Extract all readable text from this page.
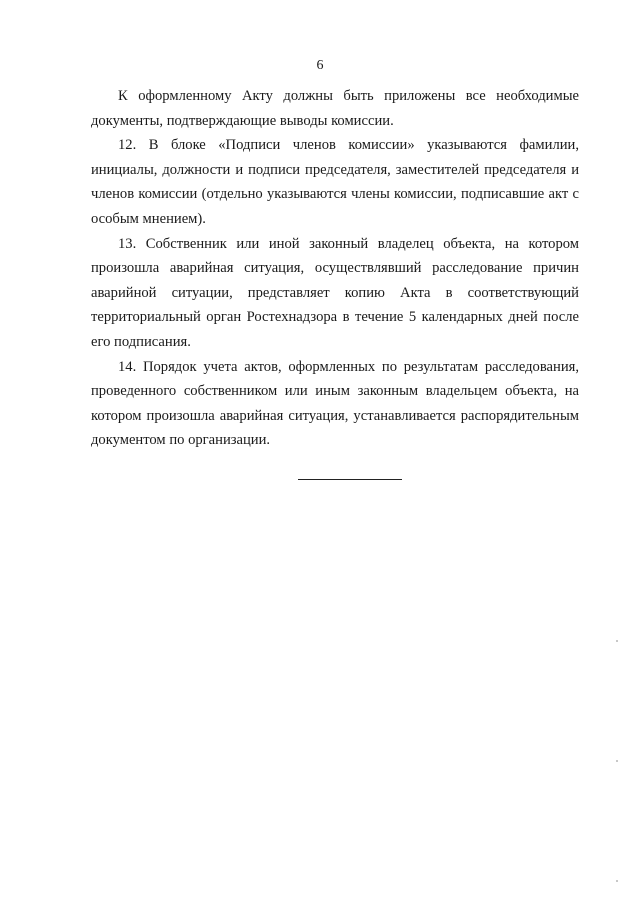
6

К оформленному Акту должны быть приложены все необходимые документы, подтверждающие выводы комиссии.

12. В блоке «Подписи членов комиссии» указываются фамилии, инициалы, должности и подписи председателя, заместителей председателя и членов комиссии (отдельно указываются члены комиссии, подписавшие акт с особым мнением).

13. Собственник или иной законный владелец объекта, на котором произошла аварийная ситуация, осуществлявший расследование причин аварийной ситуации, представляет копию Акта в соответствующий территориальный орган Ростехнадзора в течение 5 календарных дней после его подписания.

14. Порядок учета актов, оформленных по результатам расследования, проведенного собственником или иным законным владельцем объекта, на котором произошла аварийная ситуация, устанавливается распорядительным документом по организации.
